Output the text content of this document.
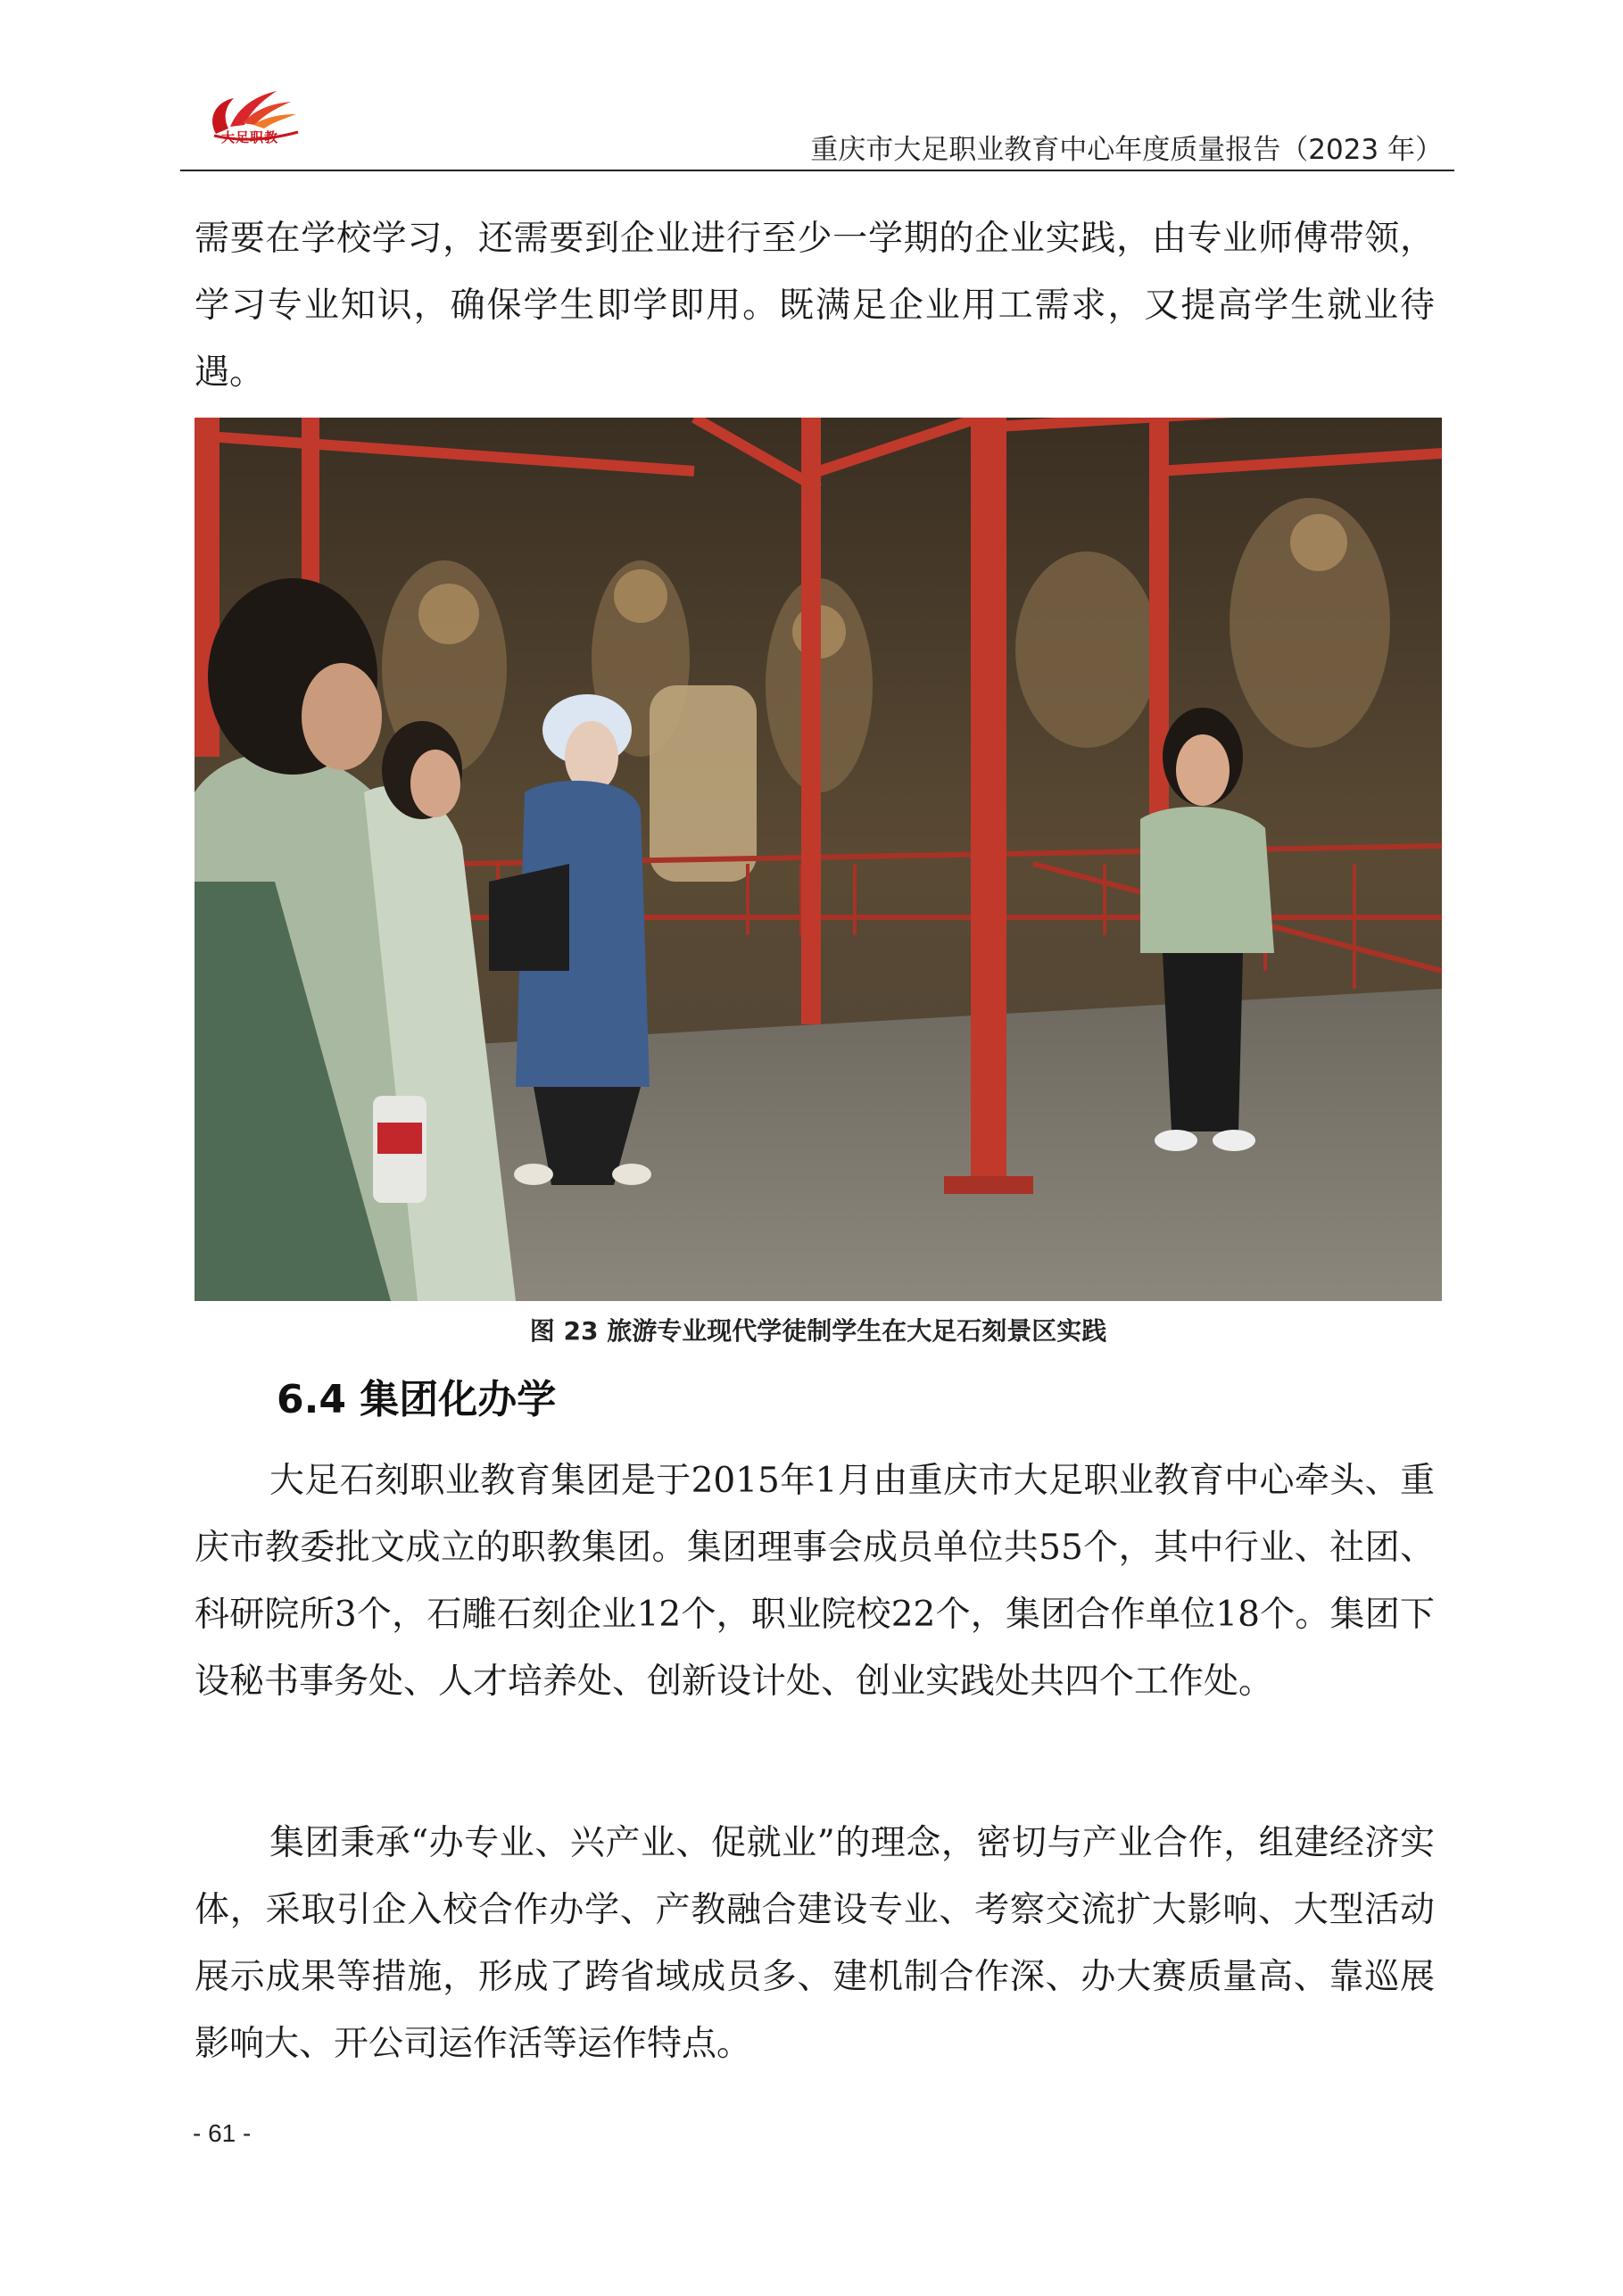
大足职教	重庆市大足职业教育中心年度质量报告（2023 年）

需要在学校学习，还需要到企业进行至少一学期的企业实践，由专业师傅带领，学习专业知识，确保学生即学即用。既满足企业用工需求，又提高学生就业待遇。

图 23 旅游专业现代学徒制学生在大足石刻景区实践
6.4 集团化办学

大足石刻职业教育集团是于2015年1月由重庆市大足职业教育中心牵头、重庆市教委批文成立的职教集团。集团理事会成员单位共55个，其中行业、社团、科研院所3个，石雕石刻企业12个，职业院校22个，集团合作单位18个。集团下设秘书事务处、人才培养处、创新设计处、创业实践处共四个工作处。

集团秉承“办专业、兴产业、促就业”的理念，密切与产业合作，组建经济实体，采取引企入校合作办学、产教融合建设专业、考察交流扩大影响、大型活动展示成果等措施，形成了跨省域成员多、建机制合作深、办大赛质量高、靠巡展影响大、开公司运作活等运作特点。

- 61 -
